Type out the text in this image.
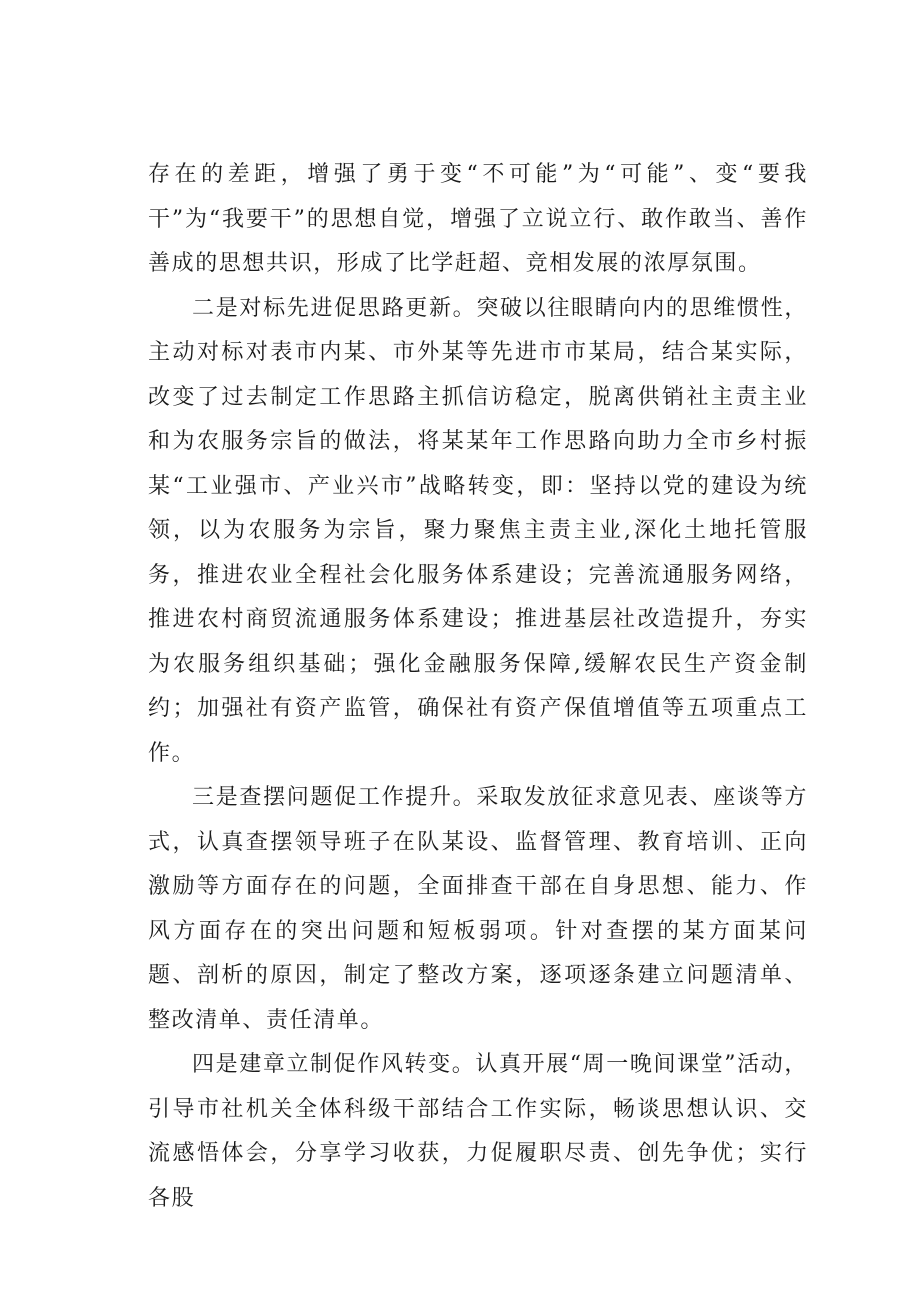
存在的差距，增强了勇于变“不可能”为“可能”、变“要我干”为“我要干”的思想自觉，增强了立说立行、敢作敢当、善作善成的思想共识，形成了比学赶超、竞相发展的浓厚氛围。

二是对标先进促思路更新。突破以往眼睛向内的思维惯性，主动对标对表市内某、市外某等先进市市某局，结合某实际，改变了过去制定工作思路主抓信访稳定，脱离供销社主责主业和为农服务宗旨的做法，将某某年工作思路向助力全市乡村振某“工业强市、产业兴市”战略转变，即：坚持以党的建设为统领，以为农服务为宗旨，聚力聚焦主责主业,深化土地托管服务，推进农业全程社会化服务体系建设；完善流通服务网络，推进农村商贸流通服务体系建设；推进基层社改造提升，夯实为农服务组织基础；强化金融服务保障,缓解农民生产资金制约；加强社有资产监管，确保社有资产保值增值等五项重点工作。

三是查摆问题促工作提升。采取发放征求意见表、座谈等方式，认真查摆领导班子在队某设、监督管理、教育培训、正向激励等方面存在的问题，全面排查干部在自身思想、能力、作风方面存在的突出问题和短板弱项。针对查摆的某方面某问题、剖析的原因，制定了整改方案，逐项逐条建立问题清单、整改清单、责任清单。

四是建章立制促作风转变。认真开展“周一晚间课堂”活动，引导市社机关全体科级干部结合工作实际，畅谈思想认识、交流感悟体会，分享学习收获，力促履职尽责、创先争优；实行各股
